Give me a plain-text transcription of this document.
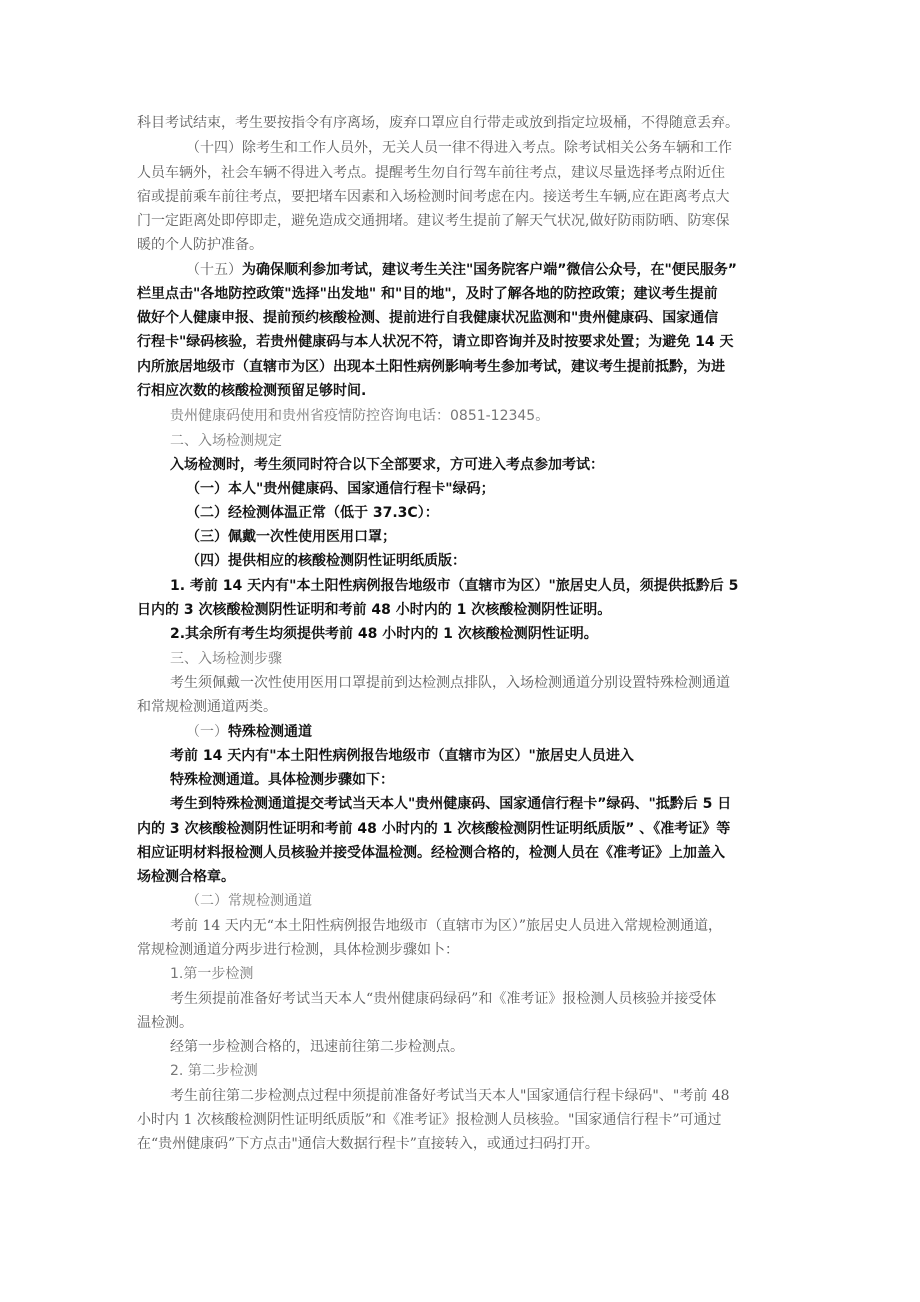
科目考试结束，考生要按指令有序离场，废弃口罩应自行带走或放到指定垃圾桶，不得随意丢弃。
（十四）除考生和工作人员外，无关人员一律不得进入考点。除考试相关公务车辆和工作
人员车辆外，社会车辆不得进入考点。提醒考生勿自行驾车前往考点，建议尽量选择考点附近住
宿或提前乘车前往考点，要把堵车因素和入场检测时间考虑在内。接送考生车辆,应在距离考点大
门一定距离处即停即走，避免造成交通拥堵。建议考生提前了解天气状况,做好防雨防晒、防寒保
暖的个人防护准备。
（十五）为确保顺利参加考试，建议考生关注"国务院客户端”微信公众号，在"便民服务”
栏里点击"各地防控政策"选择"出发地" 和"目的地"，及时了解各地的防控政策；建议考生提前
做好个人健康申报、提前预约核酸检测、提前进行自我健康状况监测和"贵州健康码、国家通信
行程卡"绿码核验，若贵州健康码与本人状况不符，请立即咨询并及时按要求处置；为避免 14 天
内所旅居地级市（直辖市为区）出现本土阳性病例影响考生参加考试，建议考生提前抵黔，为进
行相应次数的核酸检测预留足够时间.
贵州健康码使用和贵州省疫情防控咨询电话：0851-12345。
二、入场检测规定
入场检测时，考生须同时符合以下全部要求，方可进入考点参加考试：
（一）本人"贵州健康码、国家通信行程卡"绿码；
（二）经检测体温正常（低于 37.3C）：
（三）佩戴一次性使用医用口罩；
（四）提供相应的核酸检测阴性证明纸质版：
1. 考前 14 天内有"本土阳性病例报告地级市（直辖市为区）"旅居史人员，须提供抵黔后 5
日内的 3 次核酸检测阴性证明和考前 48 小时内的 1 次核酸检测阴性证明。
2.其余所有考生均须提供考前 48 小时内的 1 次核酸检测阴性证明。
三、入场检测步骤
考生须佩戴一次性使用医用口罩提前到达检测点排队，入场检测通道分别设置特殊检测通道
和常规检测通道两类。
（一）特殊检测通道
考前 14 天内有"本土阳性病例报告地级市（直辖市为区）"旅居史人员进入
特殊检测通道。具体检测步骤如下：
考生到特殊检测通道提交考试当天本人"贵州健康码、国家通信行程卡”绿码、"抵黔后 5 日
内的 3 次核酸检测阴性证明和考前 48 小时内的 1 次核酸检测阴性证明纸质版” 、《准考证》等
相应证明材料报检测人员核验并接受体温检测。经检测合格的，检测人员在《准考证》上加盖入
场检测合格章。
（二）常规检测通道
考前 14 天内无“本土阳性病例报告地级市（直辖市为区）”旅居史人员进入常规检测通道，
常规检测通道分两步进行检测，具体检测步骤如卜：
1.第一步检测
考生须提前准备好考试当天本人“贵州健康码绿码”和《准考证》报检测人员核验并接受体
温检测。
经第一步检测合格的，迅速前往第二步检测点。
2. 第二步检测
考生前往第二步检测点过程中须提前准备好考试当天本人"国家通信行程卡绿码"、"考前 48
小时内 1 次核酸检测阴性证明纸质版”和《准考证》报检测人员核验。"国家通信行程卡”可通过
在“贵州健康码”下方点击"通信大数据行程卡”直接转入，或通过扫码打开。
